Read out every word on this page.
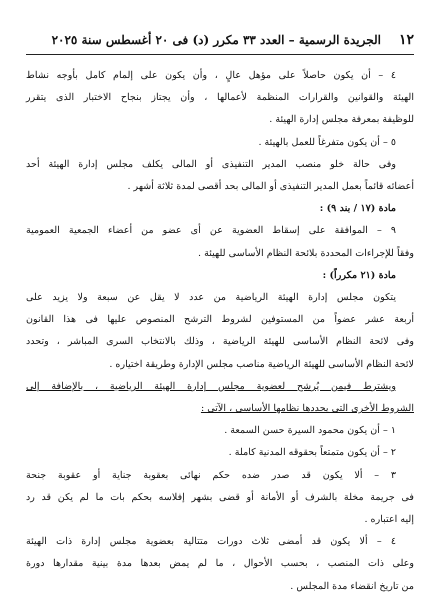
١٢
الجريدة الرسمية – العدد ٣٣ مكرر (د) فى ٢٠ أغسطس سنة ٢٠٢٥

٤ – أن يكون حاصلاً على مؤهل عالٍ ، وأن يكون على إلمام كامل بأوجه نشاط

الهيئة والقوانين والقرارات المنظمة لأعمالها ، وأن يجتاز بنجاح الاختبار الذى يتقرر

للوظيفة بمعرفة مجلس إدارة الهيئة .

٥ – أن يكون متفرغاً للعمل بالهيئة .

وفى حالة خلو منصب المدير التنفيذى أو المالى يكلف مجلس إدارة الهيئة أحد

أعضائه قائماً بعمل المدير التنفيذى أو المالى بحد أقصى لمدة ثلاثة أشهر .

مادة (١٧ / بند ٩) :

٩ – الموافقة على إسقاط العضوية عن أى عضو من أعضاء الجمعية العمومية

وفقاً للإجراءات المحددة بلائحة النظام الأساسى للهيئة .

مادة (٢١ مكرراً) :

يتكون مجلس إدارة الهيئة الرياضية من عدد لا يقل عن سبعة ولا يزيد على

أربعة عشر عضواً من المستوفين لشروط الترشح المنصوص عليها فى هذا القانون

وفى لائحة النظام الأساسى للهيئة الرياضية ، وذلك بالانتخاب السرى المباشر ، وتحدد

لائحة النظام الأساسى للهيئة الرياضية مناصب مجلس الإدارة وطريقة اختياره .

ويشترط فيمن يُرشح لعضوية مجلس إدارة الهيئة الرياضية ، بالإضافة إلى

الشروط الأخرى التى يحددها نظامها الأساسى ، الآتى :

١ – أن يكون محمود السيرة حسن السمعة .

٢ – أن يكون متمتعاً بحقوقه المدنية كاملة .

٣ – ألا يكون قد صدر ضده حكم نهائى بعقوبة جناية أو عقوبة جنحة

فى جريمة مخلة بالشرف أو الأمانة أو قضى بشهر إفلاسه بحكم بات ما لم يكن قد رد

إليه اعتباره .

٤ – ألا يكون قد أمضى ثلاث دورات متتالية بعضوية مجلس إدارة ذات الهيئة

وعلى ذات المنصب ، بحسب الأحوال ، ما لم يمض بعدها مدة بينية مقدارها دورة

من تاريخ انقضاء مدة المجلس .
